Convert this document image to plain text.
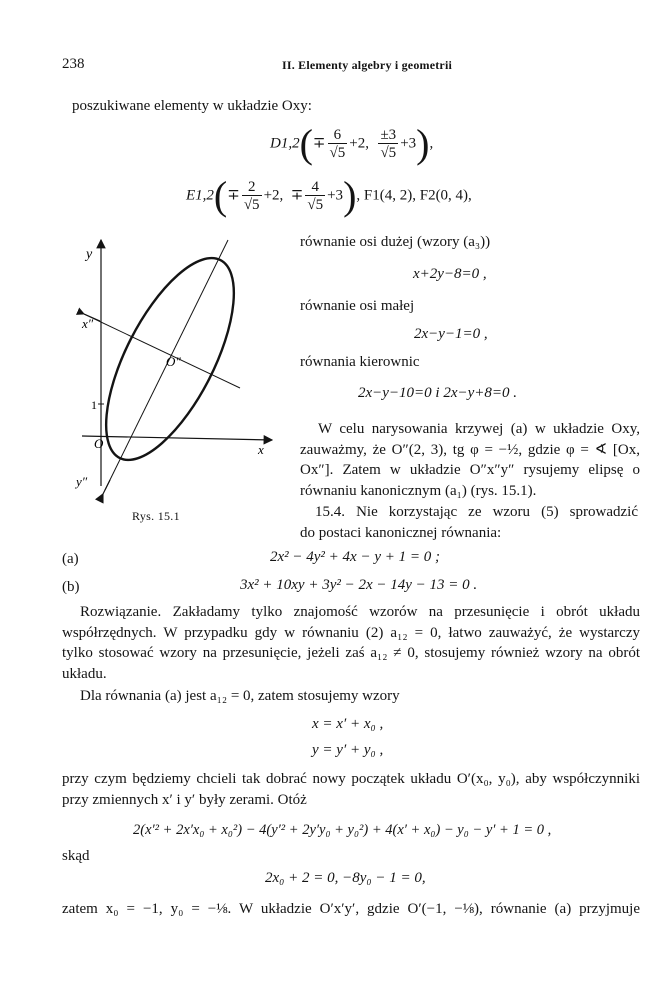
238	II. Elementy algebry i geometrii
poszukiwane elementy w układzie Oxy:
$D1,2(\mp \frac{6}{√5} +2$, $\frac{\pm 3}{√5} +3$),
$E1,2(\mp \frac{2}{√5} +2$, ∓ $\frac{4}{√5} +3$), F1(4, 2), F2(0, 4),
y
x
x″
y″
O″
O
1
Rys. 15.1
równanie osi dużej (wzory (a₃))
x+2y−8=0 ,
równanie osi małej
2x−y−1=0 ,
równania kierownic
2x−y−10=0 i 2x−y+8=0 .
W celu narysowania krzywej (a) w układzie Oxy,
zauważmy, że O″(2, 3), tg φ = −½, gdzie φ = ∢ [Ox,
Ox″]. Zatem w układzie O″x″y″ rysujemy elipsę o
równaniu kanonicznym (a₁) (rys. 15.1).
15.4. Nie korzystając ze wzoru (5) sprowadzić
do postaci kanonicznej równania:
(a)	2x² − 4y² + 4x − y + 1 = 0 ;
(b)	3x² + 10xy + 3y² − 2x − 14y − 13 = 0 .
Rozwiązanie. Zakładamy tylko znajomość wzorów na przesunięcie i obrót układu
współrzędnych. W przypadku gdy w równaniu (2) a₁₂ = 0, łatwo zauważyć, że wystarczy
tylko stosować wzory na przesunięcie, jeżeli zaś a₁₂ ≠ 0, stosujemy również wzory na obrót
układu.
Dla równania (a) jest a₁₂ = 0, zatem stosujemy wzory
x = x′ + x₀ ,
y = y′ + y₀ ,
przy czym będziemy chcieli tak dobrać nowy początek układu O′(x₀, y₀), aby współczynniki
przy zmiennych x′ i y′ były zerami. Otóż
2(x′² + 2x′x₀ + x₀²) − 4(y′² + 2y′y₀ + y₀²) + 4(x′ + x₀) − y₀ − y′ + 1 = 0 ,
skąd
2x₀ + 2 = 0, −8y₀ − 1 = 0,
zatem x₀ = −1, y₀ = −⅛. W układzie O′x′y′, gdzie O′(−1, −⅛), równanie (a) przyjmuje
